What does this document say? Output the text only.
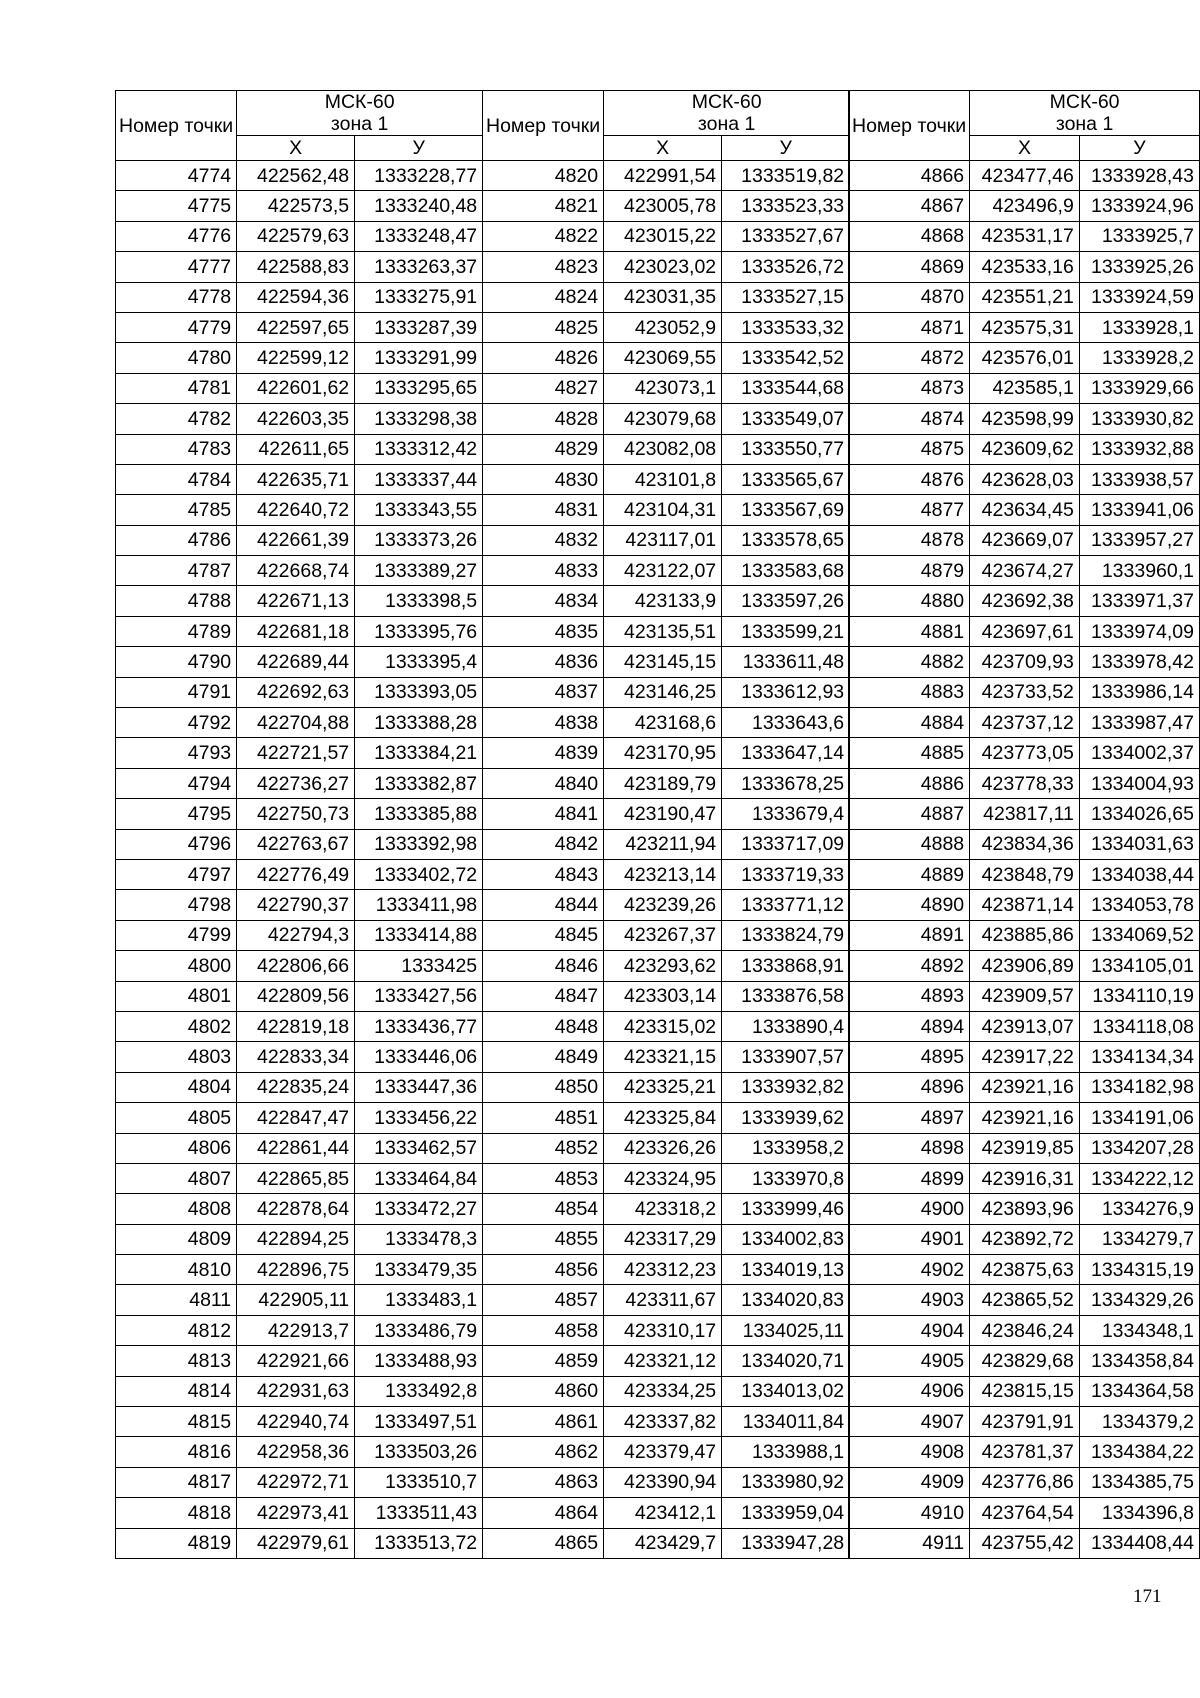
Номер точки	МСК-60
зона 1	
	Х	У
4774	422562,48	1333228,77
4775	422573,5	1333240,48
4776	422579,63	1333248,47
4777	422588,83	1333263,37
4778	422594,36	1333275,91
4779	422597,65	1333287,39
4780	422599,12	1333291,99
4781	422601,62	1333295,65
4782	422603,35	1333298,38
4783	422611,65	1333312,42
4784	422635,71	1333337,44
4785	422640,72	1333343,55
4786	422661,39	1333373,26
4787	422668,74	1333389,27
4788	422671,13	1333398,5
4789	422681,18	1333395,76
4790	422689,44	1333395,4
4791	422692,63	1333393,05
4792	422704,88	1333388,28
4793	422721,57	1333384,21
4794	422736,27	1333382,87
4795	422750,73	1333385,88
4796	422763,67	1333392,98
4797	422776,49	1333402,72
4798	422790,37	1333411,98
4799	422794,3	1333414,88
4800	422806,66	1333425
4801	422809,56	1333427,56
4802	422819,18	1333436,77
4803	422833,34	1333446,06
4804	422835,24	1333447,36
4805	422847,47	1333456,22
4806	422861,44	1333462,57
4807	422865,85	1333464,84
4808	422878,64	1333472,27
4809	422894,25	1333478,3
4810	422896,75	1333479,35
4811	422905,11	1333483,1
4812	422913,7	1333486,79
4813	422921,66	1333488,93
4814	422931,63	1333492,8
4815	422940,74	1333497,51
4816	422958,36	1333503,26
4817	422972,71	1333510,7
4818	422973,41	1333511,43
4819	422979,61	1333513,72
Номер точки	МСК-60
зона 1	
	Х	У
4820	422991,54	1333519,82
4821	423005,78	1333523,33
4822	423015,22	1333527,67
4823	423023,02	1333526,72
4824	423031,35	1333527,15
4825	423052,9	1333533,32
4826	423069,55	1333542,52
4827	423073,1	1333544,68
4828	423079,68	1333549,07
4829	423082,08	1333550,77
4830	423101,8	1333565,67
4831	423104,31	1333567,69
4832	423117,01	1333578,65
4833	423122,07	1333583,68
4834	423133,9	1333597,26
4835	423135,51	1333599,21
4836	423145,15	1333611,48
4837	423146,25	1333612,93
4838	423168,6	1333643,6
4839	423170,95	1333647,14
4840	423189,79	1333678,25
4841	423190,47	1333679,4
4842	423211,94	1333717,09
4843	423213,14	1333719,33
4844	423239,26	1333771,12
4845	423267,37	1333824,79
4846	423293,62	1333868,91
4847	423303,14	1333876,58
4848	423315,02	1333890,4
4849	423321,15	1333907,57
4850	423325,21	1333932,82
4851	423325,84	1333939,62
4852	423326,26	1333958,2
4853	423324,95	1333970,8
4854	423318,2	1333999,46
4855	423317,29	1334002,83
4856	423312,23	1334019,13
4857	423311,67	1334020,83
4858	423310,17	1334025,11
4859	423321,12	1334020,71
4860	423334,25	1334013,02
4861	423337,82	1334011,84
4862	423379,47	1333988,1
4863	423390,94	1333980,92
4864	423412,1	1333959,04
4865	423429,7	1333947,28
Номер точки	МСК-60
зона 1	
	Х	У
4866	423477,46	1333928,43
4867	423496,9	1333924,96
4868	423531,17	1333925,7
4869	423533,16	1333925,26
4870	423551,21	1333924,59
4871	423575,31	1333928,1
4872	423576,01	1333928,2
4873	423585,1	1333929,66
4874	423598,99	1333930,82
4875	423609,62	1333932,88
4876	423628,03	1333938,57
4877	423634,45	1333941,06
4878	423669,07	1333957,27
4879	423674,27	1333960,1
4880	423692,38	1333971,37
4881	423697,61	1333974,09
4882	423709,93	1333978,42
4883	423733,52	1333986,14
4884	423737,12	1333987,47
4885	423773,05	1334002,37
4886	423778,33	1334004,93
4887	423817,11	1334026,65
4888	423834,36	1334031,63
4889	423848,79	1334038,44
4890	423871,14	1334053,78
4891	423885,86	1334069,52
4892	423906,89	1334105,01
4893	423909,57	1334110,19
4894	423913,07	1334118,08
4895	423917,22	1334134,34
4896	423921,16	1334182,98
4897	423921,16	1334191,06
4898	423919,85	1334207,28
4899	423916,31	1334222,12
4900	423893,96	1334276,9
4901	423892,72	1334279,7
4902	423875,63	1334315,19
4903	423865,52	1334329,26
4904	423846,24	1334348,1
4905	423829,68	1334358,84
4906	423815,15	1334364,58
4907	423791,91	1334379,2
4908	423781,37	1334384,22
4909	423776,86	1334385,75
4910	423764,54	1334396,8
4911	423755,42	1334408,44
171
